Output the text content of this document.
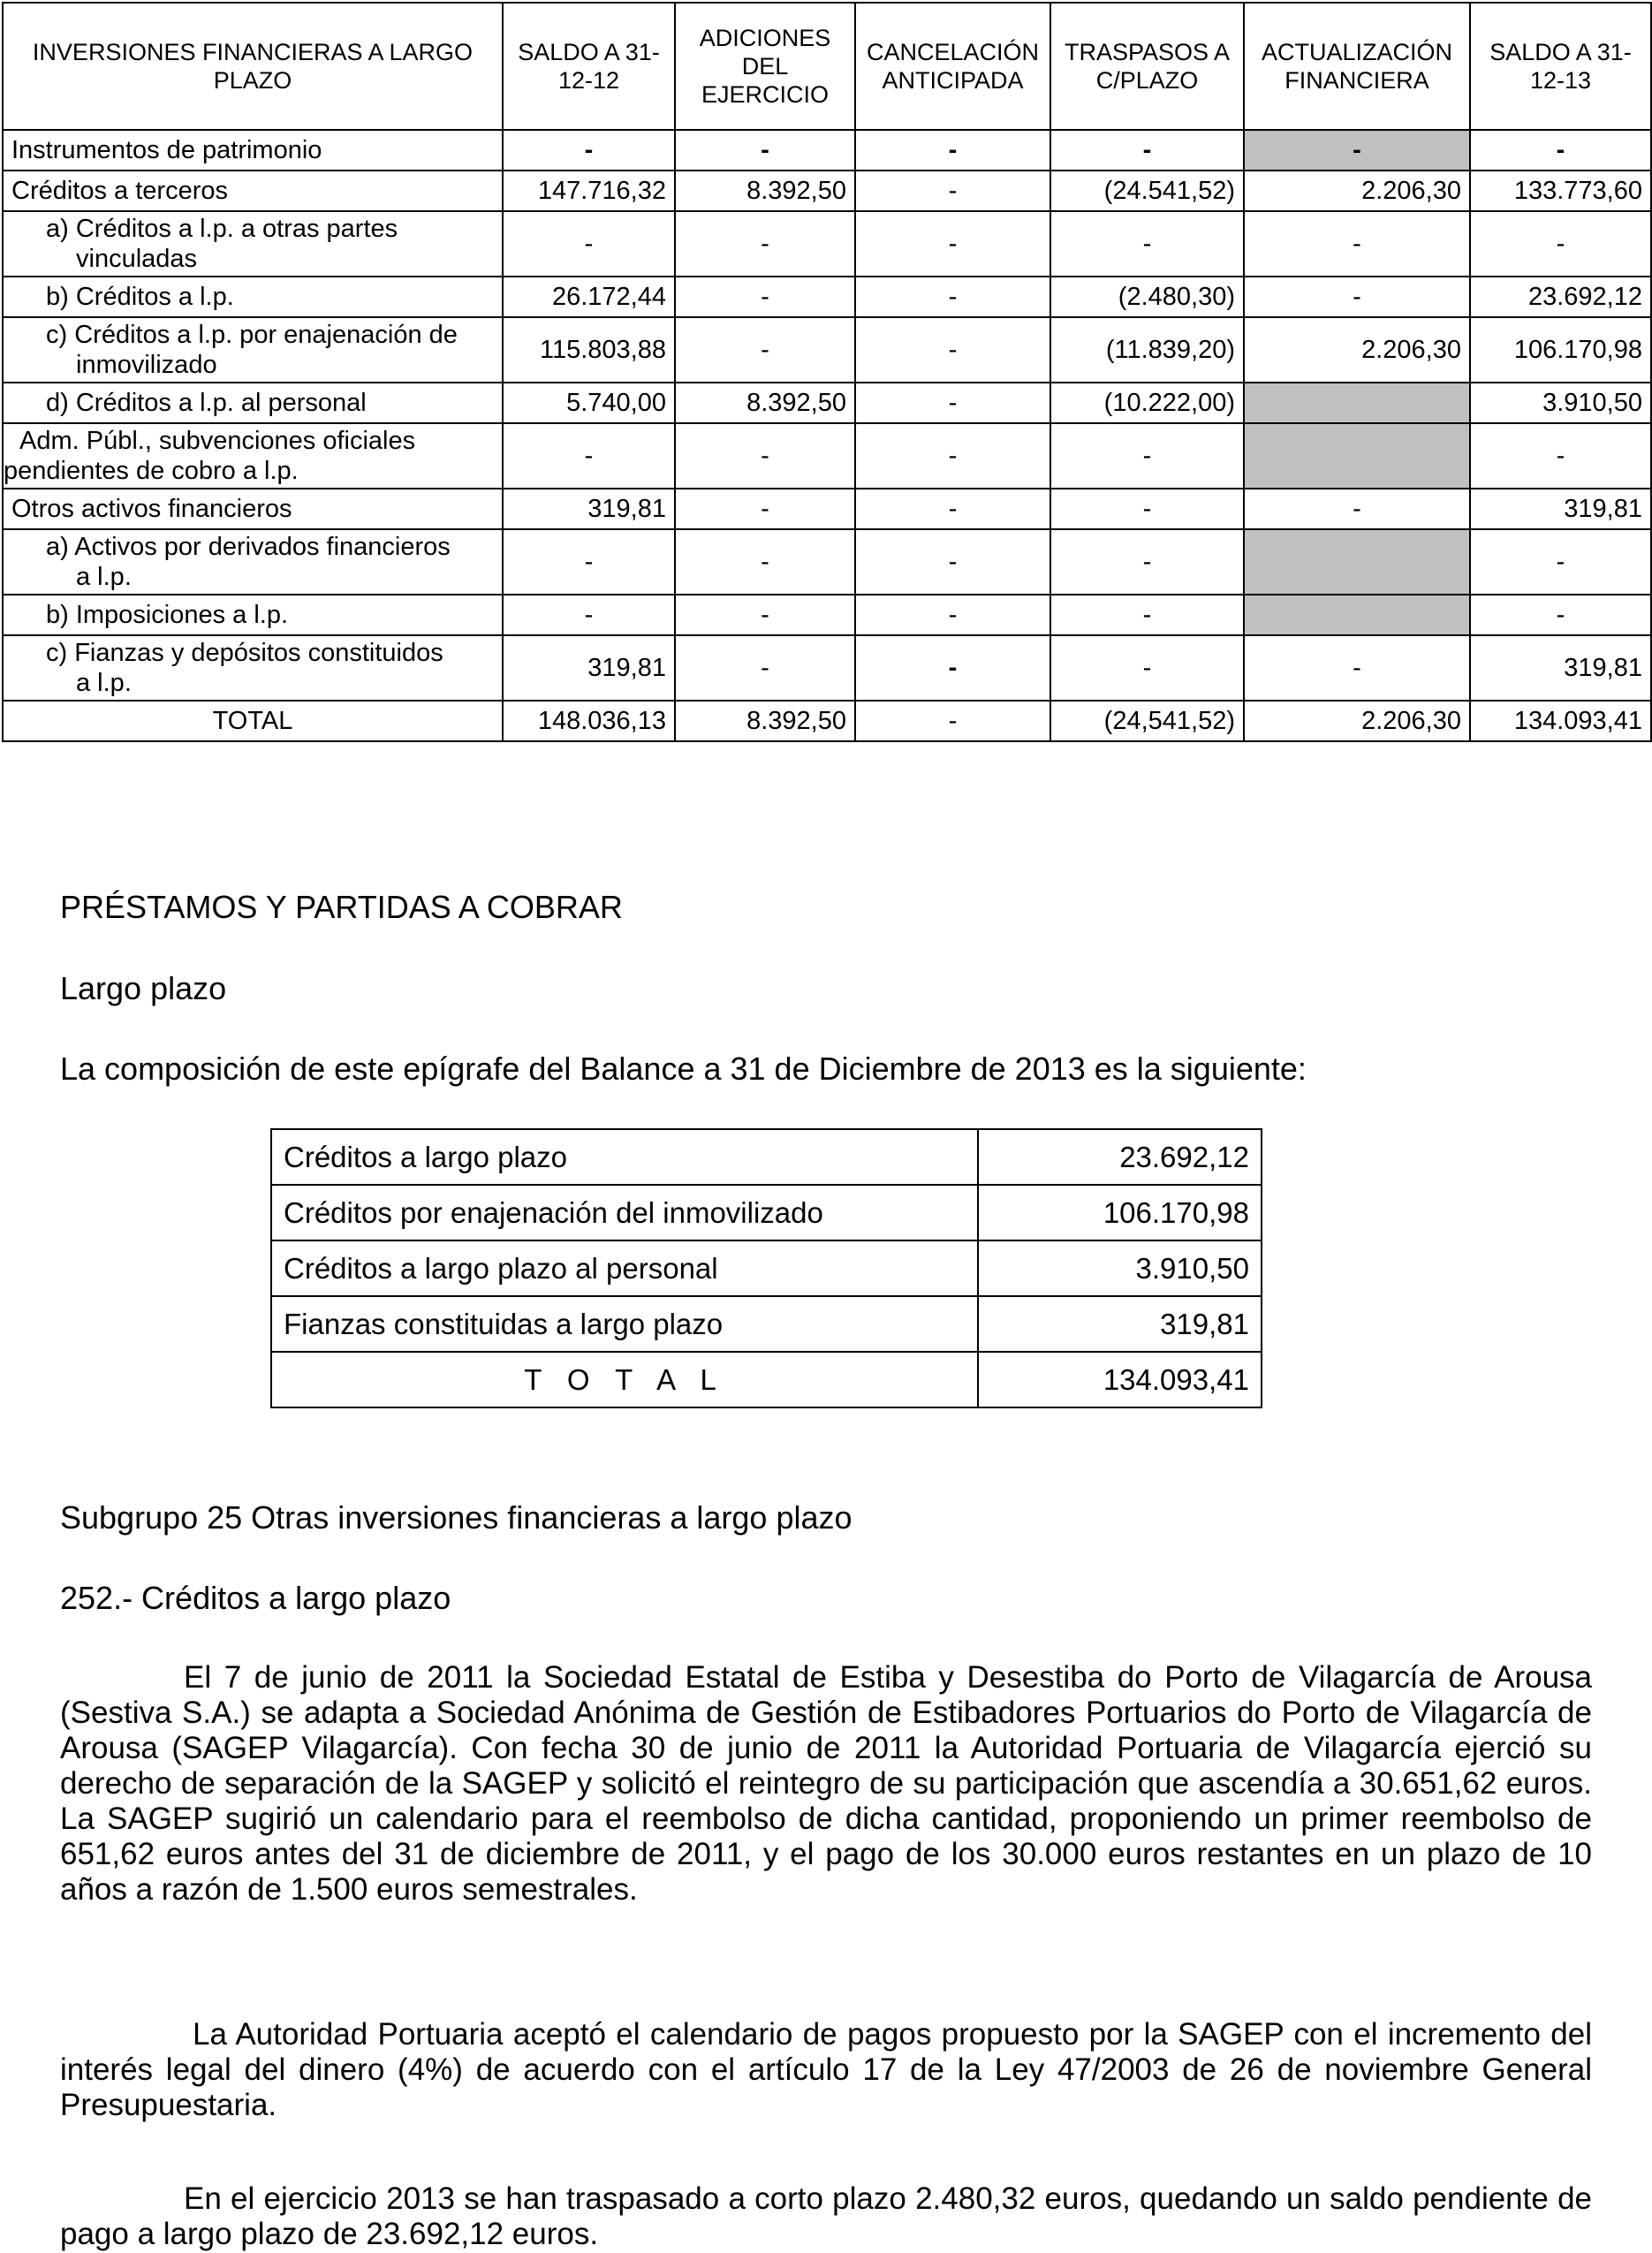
INVERSIONES FINANCIERAS A LARGO PLAZO	SALDO A 31-12-12	ADICIONES DEL EJERCICIO	CANCELACIÓN ANTICIPADA	TRASPASOS A C/PLAZO	ACTUALIZACIÓN FINANCIERA	SALDO A 31-12-13
Instrumentos de patrimonio	-	-	-	-	-	-
Créditos a terceros	147.716,32	8.392,50	-	(24.541,52)	2.206,30	133.773,60
a) Créditos a l.p. a otras partes
vinculadas	-	-	-	-	-	-
b) Créditos a l.p.	26.172,44	-	-	(2.480,30)	-	23.692,12
c) Créditos a l.p. por enajenación de
inmovilizado	115.803,88	-	-	(11.839,20)	2.206,30	106.170,98
d) Créditos a l.p. al personal	5.740,00	8.392,50	-	(10.222,00)		3.910,50
Adm. Públ., subvenciones oficiales
pendientes de cobro a l.p.	-	-	-	-		-
Otros activos financieros	319,81	-	-	-	-	319,81
a) Activos por derivados financieros
a l.p.	-	-	-	-		-
b) Imposiciones a l.p.	-	-	-	-		-
c) Fianzas y depósitos constituidos
a l.p.	319,81	-	-	-	-	319,81
TOTAL	148.036,13	8.392,50	-	(24,541,52)	2.206,30	134.093,41

PRÉSTAMOS Y PARTIDAS A COBRAR

Largo plazo

La composición de este epígrafe del Balance a 31 de Diciembre de 2013 es la siguiente:

Créditos a largo plazo	23.692,12
Créditos por enajenación del inmovilizado	106.170,98
Créditos a largo plazo al personal	3.910,50
Fianzas constituidas a largo plazo	319,81
T O T A L	134.093,41

Subgrupo 25 Otras inversiones financieras a largo plazo

252.- Créditos a largo plazo

El 7 de junio de 2011 la Sociedad Estatal de Estiba y Desestiba do Porto de Vilagarcía de Arousa (Sestiva S.A.) se adapta a Sociedad Anónima de Gestión de Estibadores Portuarios do Porto de Vilagarcía de Arousa (SAGEP Vilagarcía). Con fecha 30 de junio de 2011 la Autoridad Portuaria de Vilagarcía ejerció su derecho de separación de la SAGEP y solicitó el reintegro de su participación que ascendía a 30.651,62 euros. La SAGEP sugirió un calendario para el reembolso de dicha cantidad, proponiendo un primer reembolso de 651,62 euros antes del 31 de diciembre de 2011, y el pago de los 30.000 euros restantes en un plazo de 10 años a razón de 1.500 euros semestrales.

La Autoridad Portuaria aceptó el calendario de pagos propuesto por la SAGEP con el incremento del interés legal del dinero (4%) de acuerdo con el artículo 17 de la Ley 47/2003 de 26 de noviembre General Presupuestaria.

En el ejercicio 2013 se han traspasado a corto plazo 2.480,32 euros, quedando un saldo pendiente de pago a largo plazo de 23.692,12 euros.
